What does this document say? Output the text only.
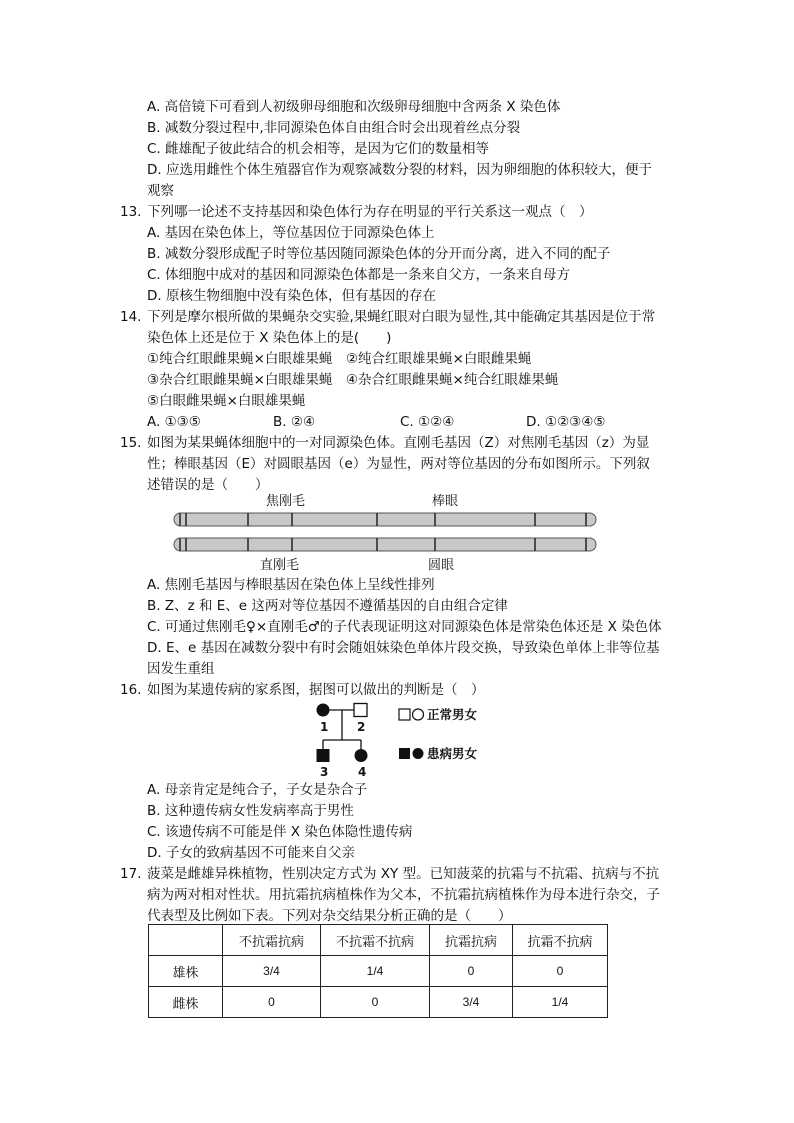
A. 高倍镜下可看到人初级卵母细胞和次级卵母细胞中含两条 X 染色体
B. 减数分裂过程中,非同源染色体自由组合时会出现着丝点分裂
C. 雌雄配子彼此结合的机会相等，是因为它们的数量相等
D. 应选用雌性个体生殖器官作为观察减数分裂的材料，因为卵细胞的体积较大，便于
观察
13. 下列哪一论述不支持基因和染色体行为存在明显的平行关系这一观点（　）
A. 基因在染色体上，等位基因位于同源染色体上
B. 减数分裂形成配子时等位基因随同源染色体的分开而分离，进入不同的配子
C. 体细胞中成对的基因和同源染色体都是一条来自父方，一条来自母方
D. 原核生物细胞中没有染色体，但有基因的存在
14. 下列是摩尔根所做的果蝇杂交实验,果蝇红眼对白眼为显性,其中能确定其基因是位于常
染色体上还是位于 X 染色体上的是(　　)
①纯合红眼雌果蝇×白眼雄果蝇　②纯合红眼雄果蝇×白眼雌果蝇
③杂合红眼雌果蝇×白眼雄果蝇　④杂合红眼雌果蝇×纯合红眼雄果蝇
⑤白眼雌果蝇×白眼雄果蝇
A. ①③⑤	B. ②④	C. ①②④	D. ①②③④⑤
15. 如图为某果蝇体细胞中的一对同源染色体。直刚毛基因（Z）对焦刚毛基因（z）为显
性；棒眼基因（E）对圆眼基因（e）为显性，两对等位基因的分布如图所示。下列叙
述错误的是（　　）
焦刚毛	棒眼
直刚毛	圆眼
A. 焦刚毛基因与棒眼基因在染色体上呈线性排列
B. Z、z 和 E、e 这两对等位基因不遵循基因的自由组合定律
C. 可通过焦刚毛♀×直刚毛♂的子代表现证明这对同源染色体是常染色体还是 X 染色体
D. E、e 基因在减数分裂中有时会随姐妹染色单体片段交换，导致染色单体上非等位基
因发生重组
16. 如图为某遗传病的家系图，据图可以做出的判断是（　）
1 2
3 4
正常男女
患病男女
A. 母亲肯定是纯合子，子女是杂合子
B. 这种遗传病女性发病率高于男性
C. 该遗传病不可能是伴 X 染色体隐性遗传病
D. 子女的致病基因不可能来自父亲
17. 菠菜是雌雄异株植物，性别决定方式为 XY 型。已知菠菜的抗霜与不抗霜、抗病与不抗
病为两对相对性状。用抗霜抗病植株作为父本，不抗霜抗病植株作为母本进行杂交，子
代表型及比例如下表。下列对杂交结果分析正确的是（　　）
	不抗霜抗病	不抗霜不抗病	抗霜抗病	抗霜不抗病
雄株	3/4	1/4	0	0
雌株	0	0	3/4	1/4
